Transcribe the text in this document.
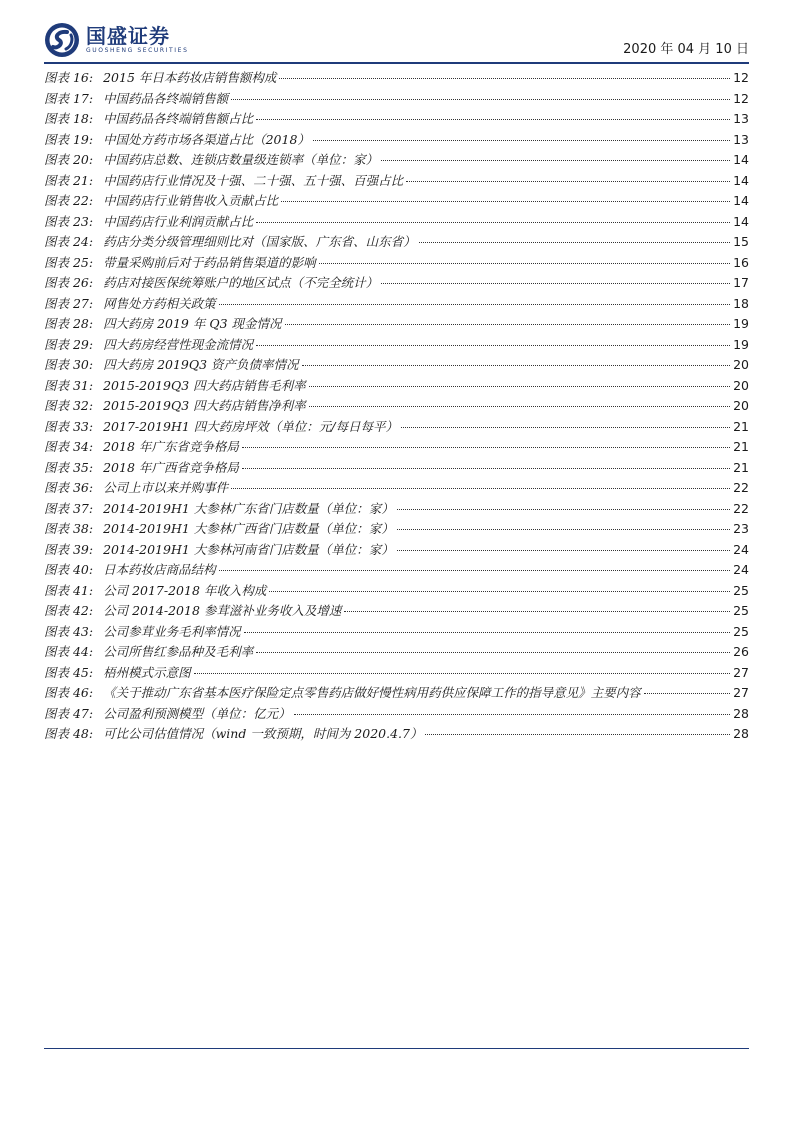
国盛证券
GUOSHENG SECURITIES	2020 年 04 月 10 日
图表 16: 2015 年日本药妆店销售额构成	12
图表 17: 中国药品各终端销售额	12
图表 18: 中国药品各终端销售额占比	13
图表 19: 中国处方药市场各渠道占比（2018）	13
图表 20: 中国药店总数、连锁店数量级连锁率（单位：家）	14
图表 21: 中国药店行业情况及十强、二十强、五十强、百强占比	14
图表 22: 中国药店行业销售收入贡献占比	14
图表 23: 中国药店行业利润贡献占比	14
图表 24: 药店分类分级管理细则比对（国家版、广东省、山东省）	15
图表 25: 带量采购前后对于药品销售渠道的影响	16
图表 26: 药店对接医保统筹账户的地区试点（不完全统计）	17
图表 27: 网售处方药相关政策	18
图表 28: 四大药房 2019 年 Q3 现金情况	19
图表 29: 四大药房经营性现金流情况	19
图表 30: 四大药房 2019Q3 资产负债率情况	20
图表 31: 2015-2019Q3 四大药店销售毛利率	20
图表 32: 2015-2019Q3 四大药店销售净利率	20
图表 33: 2017-2019H1 四大药房坪效（单位：元/每日每平）	21
图表 34: 2018 年广东省竞争格局	21
图表 35: 2018 年广西省竞争格局	21
图表 36: 公司上市以来并购事件	22
图表 37: 2014-2019H1 大参林广东省门店数量（单位：家）	22
图表 38: 2014-2019H1 大参林广西省门店数量（单位：家）	23
图表 39: 2014-2019H1 大参林河南省门店数量（单位：家）	24
图表 40: 日本药妆店商品结构	24
图表 41: 公司 2017-2018 年收入构成	25
图表 42: 公司 2014-2018 参茸滋补业务收入及增速	25
图表 43: 公司参茸业务毛利率情况	25
图表 44: 公司所售红参品种及毛利率	26
图表 45: 梧州模式示意图	27
图表 46: 《关于推动广东省基本医疗保险定点零售药店做好慢性病用药供应保障工作的指导意见》主要内容	27
图表 47: 公司盈利预测模型（单位：亿元）	28
图表 48: 可比公司估值情况（wind 一致预期，时间为 2020.4.7）	28
